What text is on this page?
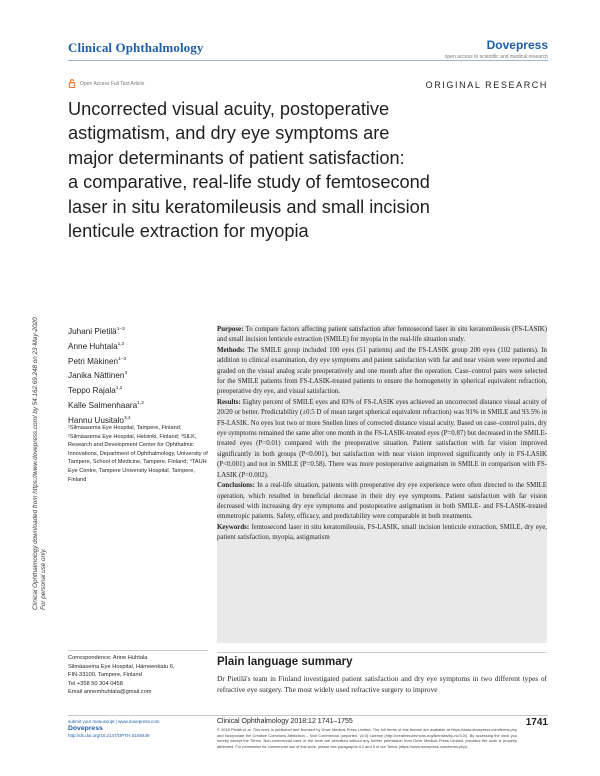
Clinical Ophthalmology	Dovepress
open access to scientific and medical research
Open Access Full Text Article	ORIGINAL RESEARCH
Uncorrected visual acuity, postoperative
astigmatism, and dry eye symptoms are
major determinants of patient satisfaction:
a comparative, real-life study of femtosecond
laser in situ keratomileusis and small incision
lenticule extraction for myopia
Clinical Ophthalmology downloaded from https://www.dovepress.com/ by 54.162.69.248 on 23-May-2020 For personal use only.
Juhani Pietilä$^{1-3}$
Anne Huhtala$^{1,2}$
Petri Mäkinen$^{1-3}$
Janika Nättinen$^3$
Teppo Rajala$^{1,2}$
Kalle Salmenhaara$^{1,2}$
Hannu Uusitalo$^{3,4}$
¹Silmäasema Eye Hospital, Tampere, Finland; ²Silmäasema Eye Hospital, Helsinki, Finland; ³SILK, Research and Development Center for Ophthalmic Innovations, Department of Ophthalmology, University of Tampere, School of Medicine, Tampere, Finland; ⁴TAUH Eye Centre, Tampere University Hospital, Tampere, Finland
Correspondence: Anne Huhtala
Silmäasema Eye Hospital, Hämeenkatu 6,
FIN-33100, Tampere, Finland
Tel +358 50 304 0458
Email annemhuhtala@gmail.com

Purpose: To compare factors affecting patient satisfaction after femtosecond laser in situ keratomileusis (FS-LASIK) and small incision lenticule extraction (SMILE) for myopia in the real-life situation study.

Methods: The SMILE group included 100 eyes (51 patients) and the FS-LASIK group 200 eyes (102 patients). In addition to clinical examination, dry eye symptoms and patient satisfaction with far and near vision were reported and graded on the visual analog scale preoperatively and one month after the operation. Case–control pairs were selected for the SMILE patients from FS-LASIK-treated patients to ensure the homogeneity in spherical equivalent refraction, preoperative dry eye, and visual satisfaction.

Results: Eighty percent of SMILE eyes and 83% of FS-LASIK eyes achieved an uncorrected distance visual acuity of 20/20 or better. Predictability (±0.5 D of mean target spherical equivalent refraction) was 91% in SMILE and 93.5% in FS-LASIK. No eyes lost two or more Snellen lines of corrected distance visual acuity. Based on case–control pairs, dry eye symptoms remained the same after one month in the FS-LASIK-treated eyes (P=0.87) but decreased in the SMILE-treated eyes (P=0.01) compared with the preoperative situation. Patient satisfaction with far vision improved significantly in both groups (P<0.001), but satisfaction with near vision improved significantly only in FS-LASIK (P<0.001) and not in SMILE (P=0.58). There was more postoperative astigmatism in SMILE in comparison with FS-LASIK (P=0.002).

Conclusions: In a real-life situation, patients with preoperative dry eye experience were often directed to the SMILE operation, which resulted in beneficial decrease in their dry eye symptoms. Patient satisfaction with far vision decreased with increasing dry eye symptoms and postoperative astigmatism in both SMILE- and FS-LASIK-treated emmetropic patients. Safety, efficacy, and predictability were comparable in both treatments.

Keywords: femtosecond laser in situ keratomileusis, FS-LASIK, small incision lenticule extraction, SMILE, dry eye, patient satisfaction, myopia, astigmatism

Plain language summary
Dr Pietilä's team in Finland investigated patient satisfaction and dry eye symptoms in two different types of refractive eye surgery. The most widely used refractive surgery to improve
submit your manuscript | www.dovepress.com
Dovepress
http://dx.doi.org/10.2147/OPTH.S168449
Clinical Ophthalmology 2018:12 1741–1755
© 2018 Pietilä et al. This work is published and licensed by Dove Medical Press Limited. The full terms of this license are available at https://www.dovepress.com/terms.php and incorporate the Creative Commons Attribution – Non Commercial (unported, v3.0) License (http://creativecommons.org/licenses/by-nc/3.0/). By accessing the work you hereby accept the Terms. Non-commercial uses of the work are permitted without any further permission from Dove Medical Press Limited, provided the work is properly attributed. For permission for commercial use of this work, please see paragraphs 4.2 and 5 of our Terms (https://www.dovepress.com/terms.php).
1741
